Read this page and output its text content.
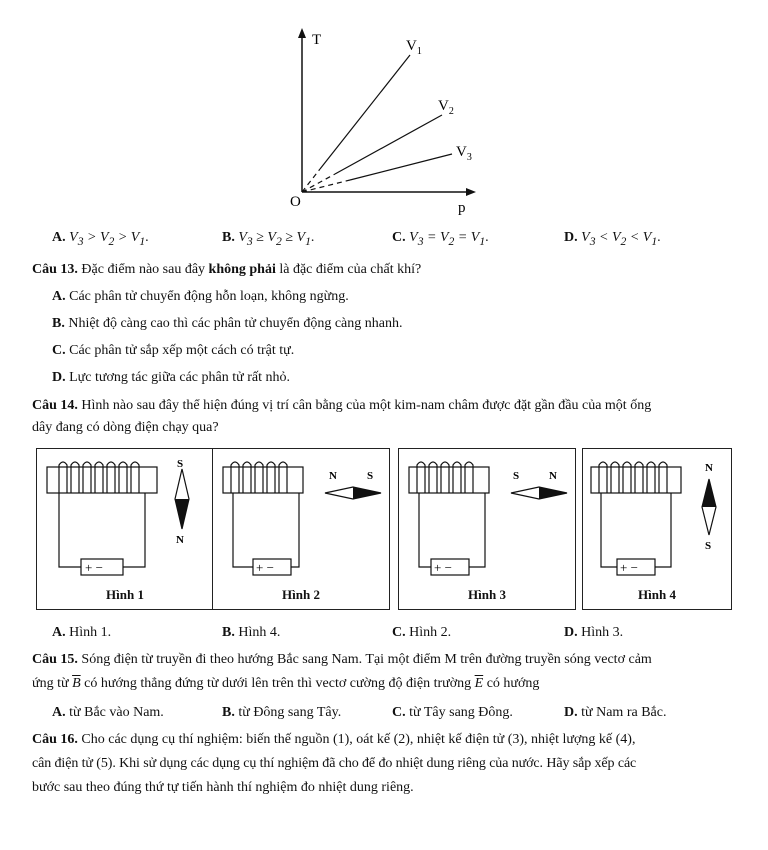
T
p
O
$V_1$
$V_2$
$V_3$
A. $V_3 > V_2 > V_1$.	B. $V_3 \ge V_2 \ge V_1$.	C. $V_3 = V_2 = V_1$.	D. $V_3 < V_2 < V_1$.
Câu 13. Đặc điểm nào sau đây không phải là đặc điểm của chất khí?
A. Các phân tử chuyển động hỗn loạn, không ngừng.
B. Nhiệt độ càng cao thì các phân tử chuyển động càng nhanh.
C. Các phân tử sắp xếp một cách có trật tự.
D. Lực tương tác giữa các phân tử rất nhỏ.
Câu 14. Hình nào sau đây thể hiện đúng vị trí cân bằng của một kim-nam châm được đặt gần đầu của một ống
dây đang có dòng điện chạy qua?
+ −
S
N
Hình 1
+ −
N	S
Hình 2
+ −
S	N
Hình 3
+ −
N
S
Hình 4
A. Hình 1.	B. Hình 4.	C. Hình 2.	D. Hình 3.
Câu 15. Sóng điện từ truyền đi theo hướng Bắc sang Nam. Tại một điểm M trên đường truyền sóng vectơ cảm
ứng từ $\overline{B}$ có hướng thẳng đứng từ dưới lên trên thì vectơ cường độ điện trường $\overline{E}$ có hướng
A. từ Bắc vào Nam.	B. từ Đông sang Tây.	C. từ Tây sang Đông.	D. từ Nam ra Bắc.
Câu 16. Cho các dụng cụ thí nghiệm: biến thế nguồn (1), oát kế (2), nhiệt kế điện tử (3), nhiệt lượng kế (4),
cân điện tử (5). Khi sử dụng các dụng cụ thí nghiệm đã cho để đo nhiệt dung riêng của nước. Hãy sắp xếp các
bước sau theo đúng thứ tự tiến hành thí nghiệm đo nhiệt dung riêng.
